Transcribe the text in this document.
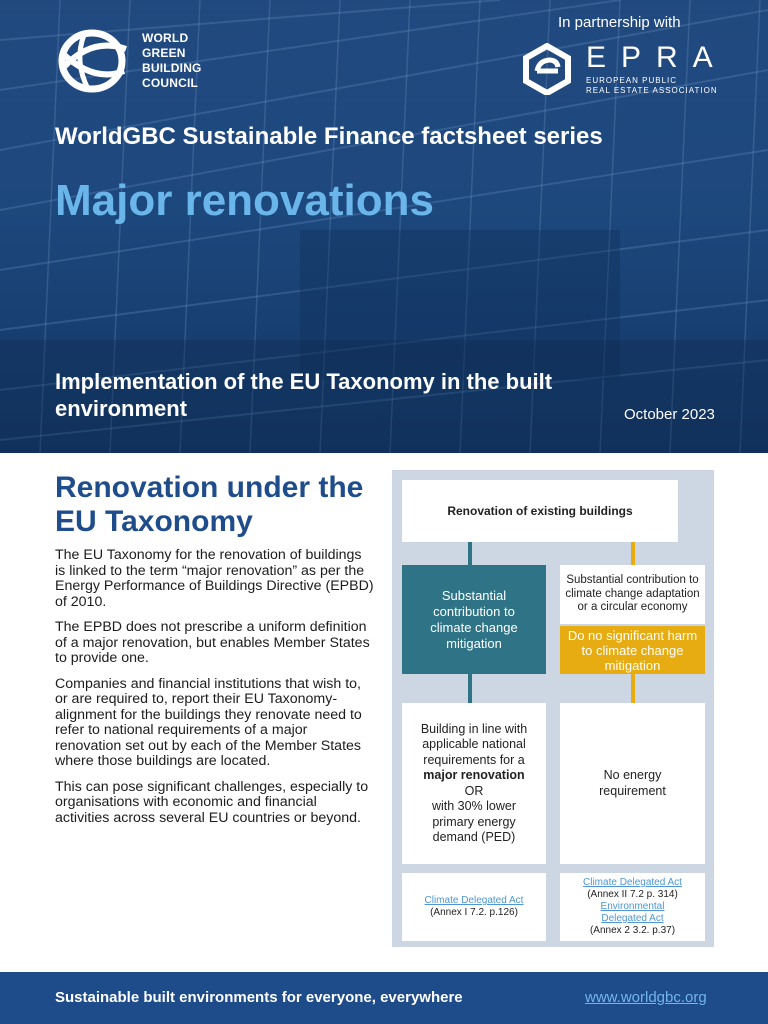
WORLD
GREEN
BUILDING
COUNCIL
In partnership with
EPRA
EUROPEAN PUBLIC
REAL ESTATE ASSOCIATION
WorldGBC Sustainable Finance factsheet series
Major renovations
Implementation of the EU Taxonomy in the built environment	October 2023
Renovation under the EU Taxonomy

The EU Taxonomy for the renovation of buildings is linked to the term “major renovation” as per the Energy Performance of Buildings Directive (EPBD) of 2010.

The EPBD does not prescribe a uniform definition of a major renovation, but enables Member States to provide one.

Companies and financial institutions that wish to, or are required to, report their EU Taxonomy-alignment for the buildings they renovate need to refer to national requirements of a major renovation set out by each of the Member States where those buildings are located.

This can pose significant challenges, especially to organisations with economic and financial activities across several EU countries or beyond.

Renovation of existing buildings
Substantial contribution to climate change mitigation
Substantial contribution to climate change adaptation or a circular economy
Do no significant harm to climate change mitigation
Building in line with applicable national requirements for a
major renovation
OR
with 30% lower primary energy demand (PED)
No energy requirement
Climate Delegated Act
(Annex I 7.2. p.126)
Climate Delegated Act
(Annex II 7.2 p. 314)
Environmental Delegated Act
(Annex 2 3.2. p.37)
Sustainable built environments for everyone, everywhere	www.worldgbc.org
